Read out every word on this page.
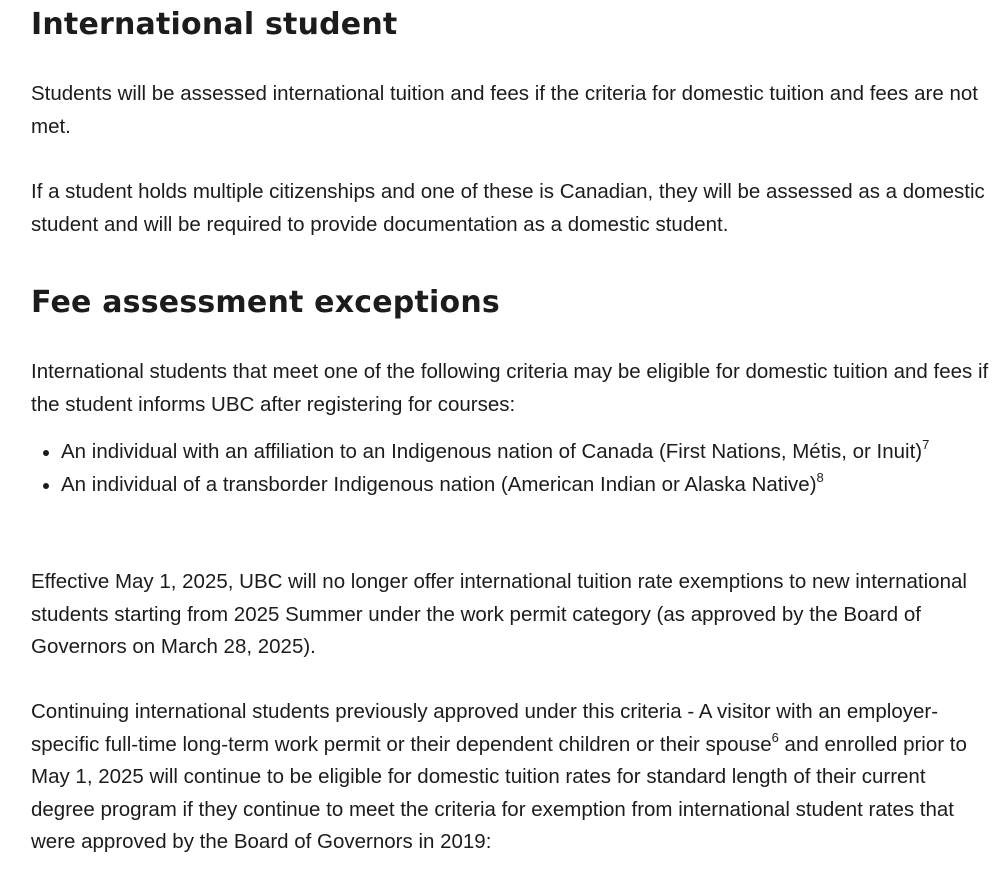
International student

Students will be assessed international tuition and fees if the criteria for domestic tuition and fees are not met.

If a student holds multiple citizenships and one of these is Canadian, they will be assessed as a domestic student and will be required to provide documentation as a domestic student.

Fee assessment exceptions

International students that meet one of the following criteria may be eligible for domestic tuition and fees if the student informs UBC after registering for courses:

An individual with an affiliation to an Indigenous nation of Canada (First Nations, Métis, or Inuit)$^7$
An individual of a transborder Indigenous nation (American Indian or Alaska Native)$^8$

Effective May 1, 2025, UBC will no longer offer international tuition rate exemptions to new international students starting from 2025 Summer under the work permit category (as approved by the Board of Governors on March 28, 2025).

Continuing international students previously approved under this criteria - A visitor with an employer-specific full-time long-term work permit or their dependent children or their spouse$^6$ and enrolled prior to May 1, 2025 will continue to be eligible for domestic tuition rates for standard length of their current degree program if they continue to meet the criteria for exemption from international student rates that were approved by the Board of Governors in 2019:
